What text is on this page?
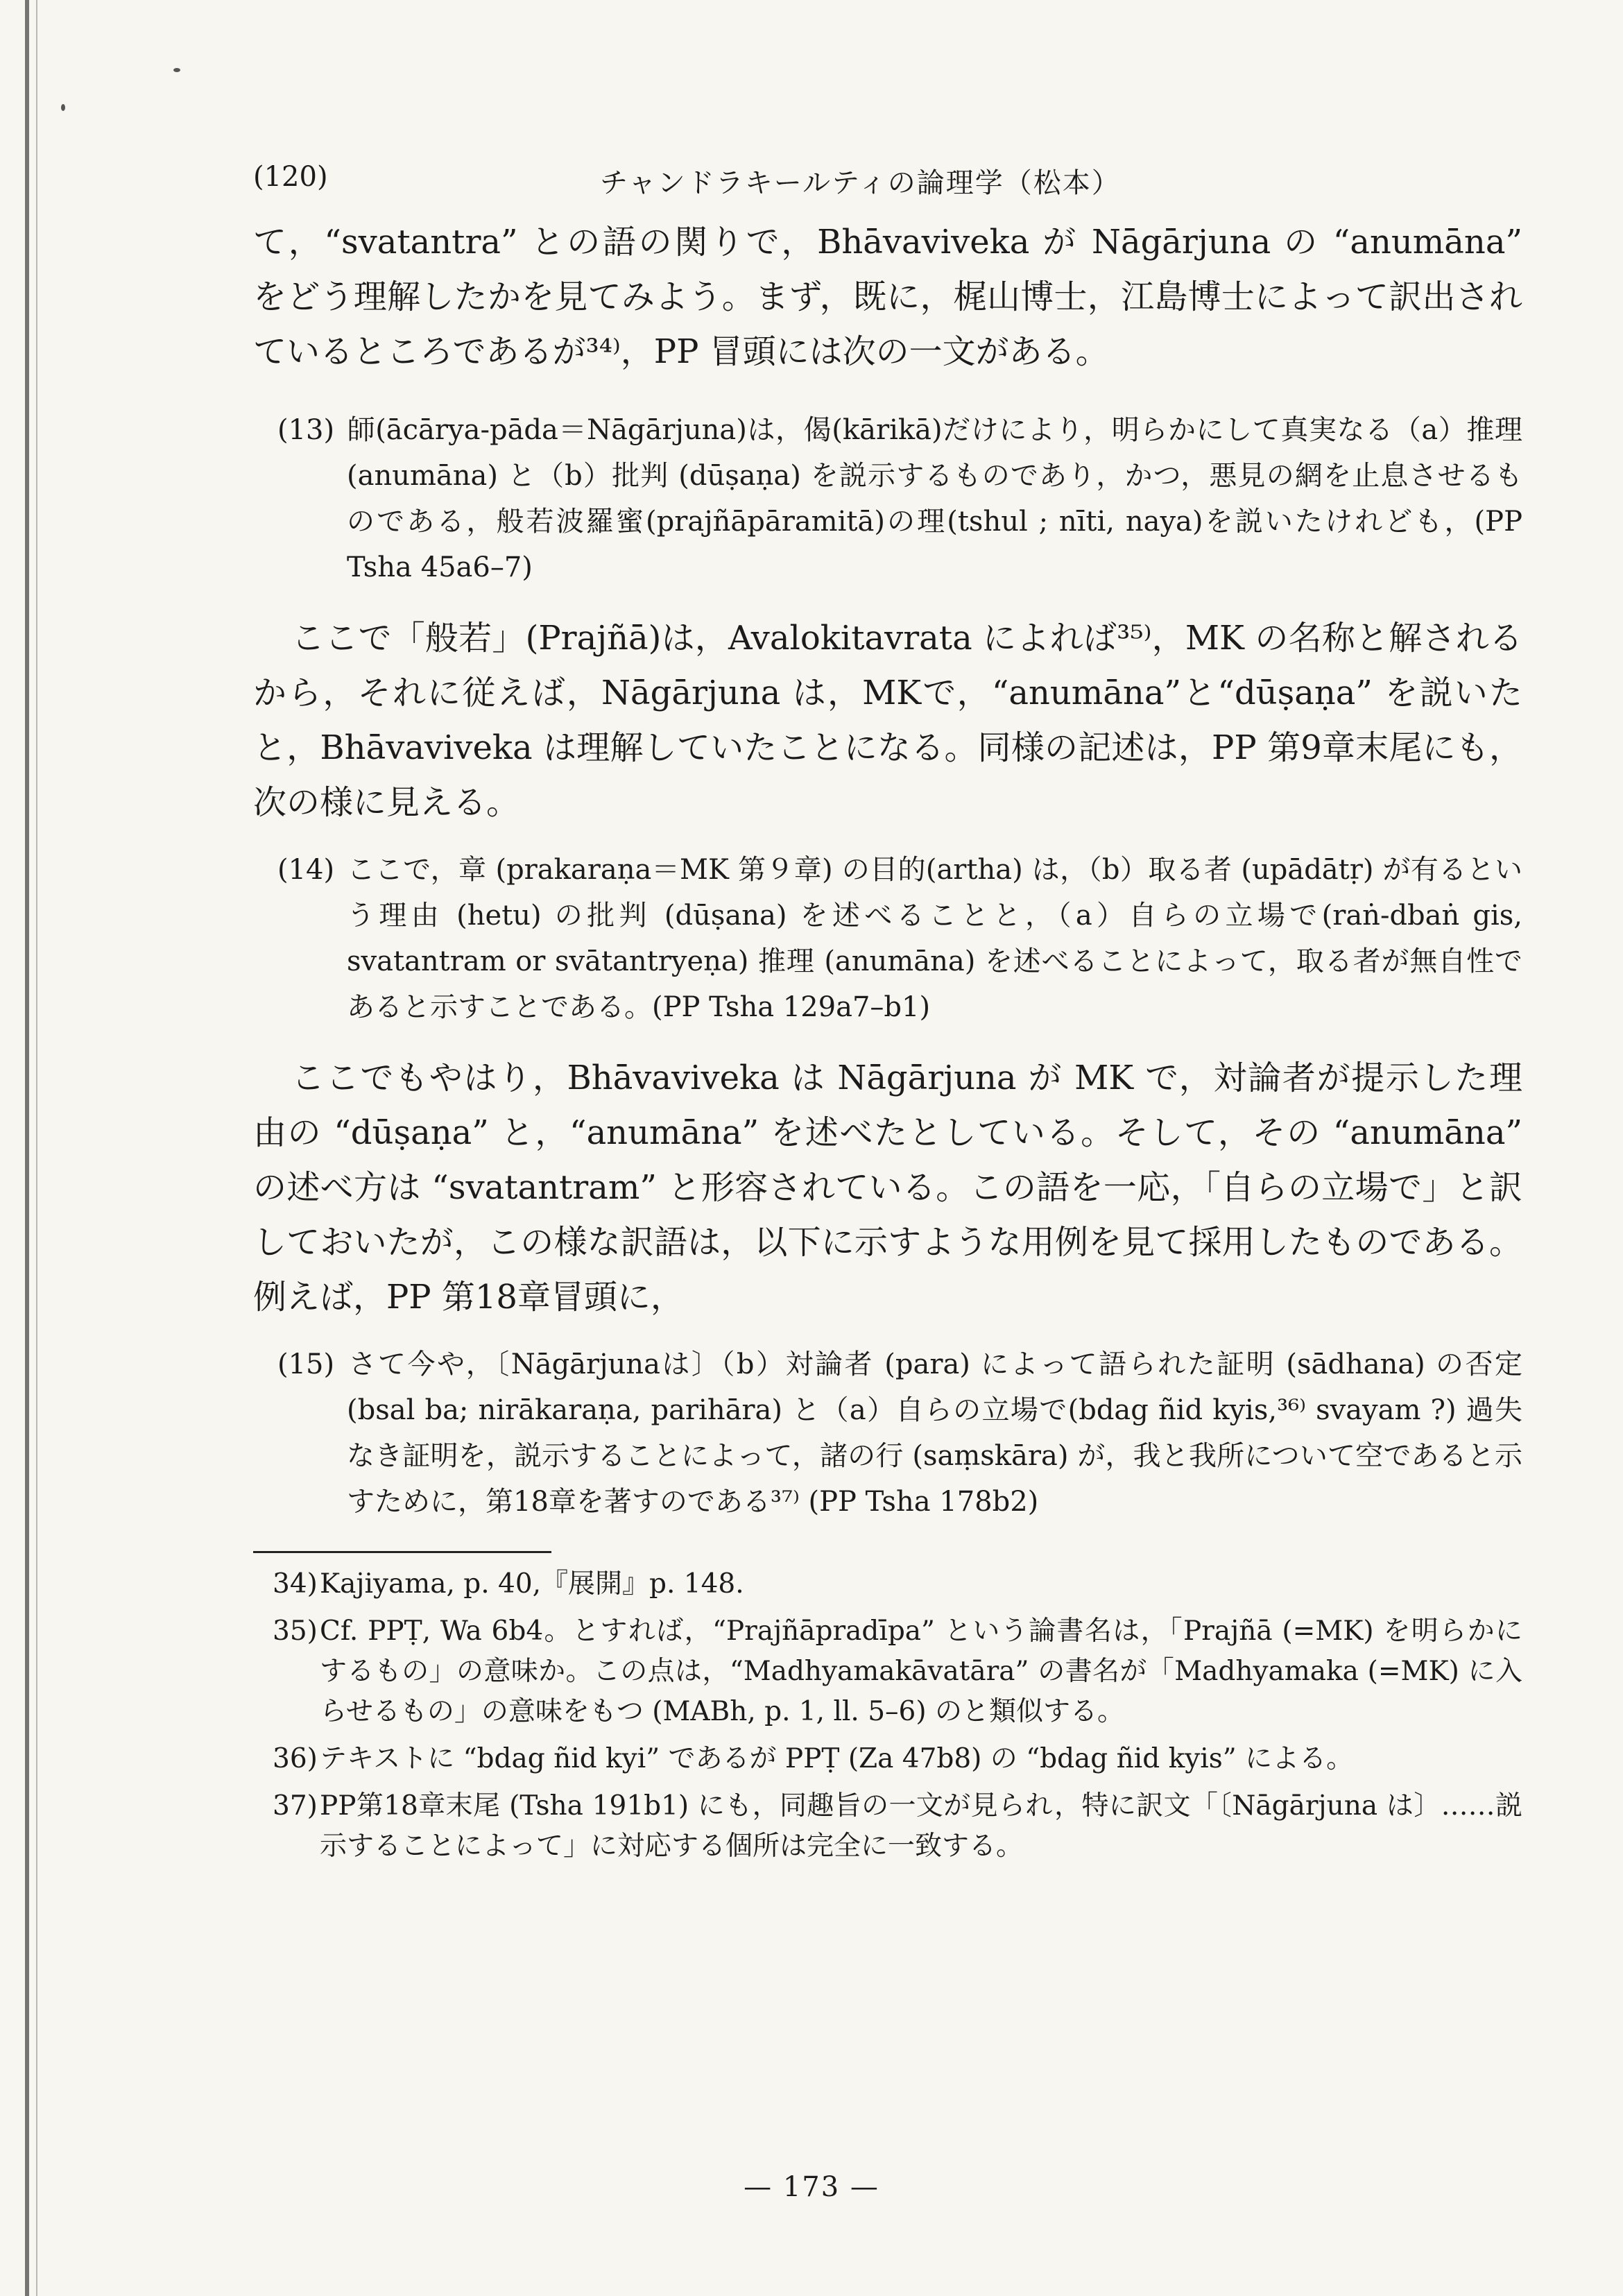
(120)	チャンドラキールティの論理学（松本）

て，“svatantra” との語の関りで，Bhāvaviveka が Nāgārjuna の “anumāna” をどう理解したかを見てみよう。まず，既に，梶山博士，江島博士によって訳出されているところであるが³⁴⁾，PP 冒頭には次の一文がある。

(13) 師(ācārya-pāda＝Nāgārjuna)は，偈(kārikā)だけにより，明らかにして真実なる（a）推理 (anumāna) と（b）批判 (dūṣaṇa) を説示するものであり，かつ，悪見の網を止息させるものである，般若波羅蜜(prajñāpāramitā)の理(tshul ; nīti, naya)を説いたけれども，(PP Tsha 45a6–7)

ここで「般若」(Prajñā)は，Avalokitavrata によれば³⁵⁾，MK の名称と解されるから，それに従えば，Nāgārjuna は，MKで，“anumāna”と“dūṣaṇa” を説いたと，Bhāvaviveka は理解していたことになる。同様の記述は，PP 第9章末尾にも，次の様に見える。

(14) ここで，章 (prakaraṇa＝MK 第９章) の目的(artha) は，（b）取る者 (upādātṛ) が有るという理由 (hetu) の批判 (dūṣana) を述べることと，（a）自らの立場で(raṅ-dbaṅ gis, svatantram or svātantryeṇa) 推理 (anumāna) を述べることによって，取る者が無自性であると示すことである。(PP Tsha 129a7–b1)

ここでもやはり，Bhāvaviveka は Nāgārjuna が MK で，対論者が提示した理由の “dūṣaṇa” と，“anumāna” を述べたとしている。そして，その “anumāna” の述べ方は “svatantram” と形容されている。この語を一応，「自らの立場で」と訳しておいたが，この様な訳語は，以下に示すような用例を見て採用したものである。例えば，PP 第18章冒頭に，

(15) さて今や，〔Nāgārjunaは〕（b）対論者 (para) によって語られた証明 (sādhana) の否定 (bsal ba; nirākaraṇa, parihāra) と（a）自らの立場で(bdag ñid kyis,³⁶⁾ svayam ?) 過失なき証明を，説示することによって，諸の行 (saṃskāra) が，我と我所について空であると示すために，第18章を著すのである³⁷⁾ (PP Tsha 178b2)

34)Kajiyama, p. 40,『展開』p. 148.

35)Cf. PPṬ, Wa 6b4。とすれば，“Prajñāpradīpa” という論書名は，「Prajñā (=MK) を明らかにするもの」の意味か。この点は，“Madhyamakāvatāra” の書名が「Madhyamaka (=MK) に入らせるもの」の意味をもつ (MABh, p. 1, ll. 5–6) のと類似する。

36)テキストに “bdag ñid kyi” であるが PPṬ (Za 47b8) の “bdag ñid kyis” による。

37)PP第18章末尾 (Tsha 191b1) にも，同趣旨の一文が見られ，特に訳文「〔Nāgārjuna は〕……説示することによって」に対応する個所は完全に一致する。

— 173 —
